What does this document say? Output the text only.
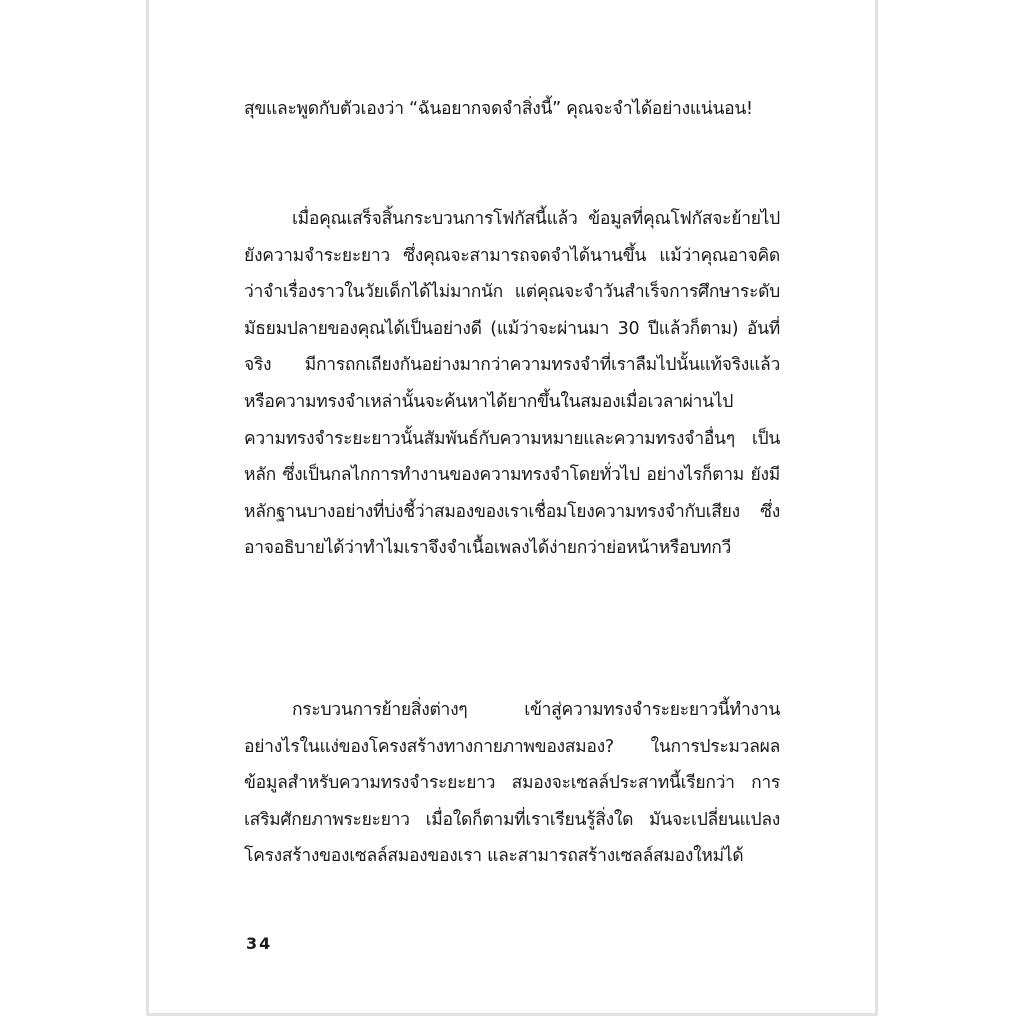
สุขและพูดกับตัวเองว่า “ฉันอยากจดจำสิ่งนี้” คุณจะจำได้อย่างแน่นอน!

เมื่อคุณเสร็จสิ้นกระบวนการโฟกัสนี้แล้ว ข้อมูลที่คุณโฟกัสจะย้ายไปยังความจำระยะยาว ซึ่งคุณจะสามารถจดจำได้นานขึ้น แม้ว่าคุณอาจคิดว่าจำเรื่องราวในวัยเด็กได้ไม่มากนัก แต่คุณจะจำวันสำเร็จการศึกษาระดับมัธยมปลายของคุณได้เป็นอย่างดี (แม้ว่าจะผ่านมา 30 ปีแล้วก็ตาม) อันที่จริง มีการถกเถียงกันอย่างมากว่าความทรงจำที่เราลืมไปนั้นแท้จริงแล้ว หรือความทรงจำเหล่านั้นจะค้นหาได้ยากขึ้นในสมองเมื่อเวลาผ่านไป ความทรงจำระยะยาวนั้นสัมพันธ์กับความหมายและความทรงจำอื่นๆ เป็นหลัก ซึ่งเป็นกลไกการทำงานของความทรงจำโดยทั่วไป อย่างไรก็ตาม ยังมีหลักฐานบางอย่างที่บ่งชี้ว่าสมองของเราเชื่อมโยงความทรงจำกับเสียง ซึ่งอาจอธิบายได้ว่าทำไมเราจึงจำเนื้อเพลงได้ง่ายกว่าย่อหน้าหรือบทกวี

กระบวนการย้ายสิ่งต่างๆ เข้าสู่ความทรงจำระยะยาวนี้ทำงานอย่างไรในแง่ของโครงสร้างทางกายภาพของสมอง? ในการประมวลผลข้อมูลสำหรับความทรงจำระยะยาว สมองจะเซลล์ประสาทนี้เรียกว่า การเสริมศักยภาพระยะยาว เมื่อใดก็ตามที่เราเรียนรู้สิ่งใด มันจะเปลี่ยนแปลงโครงสร้างของเซลล์สมองของเรา และสามารถสร้างเซลล์สมองใหม่ได้

34
